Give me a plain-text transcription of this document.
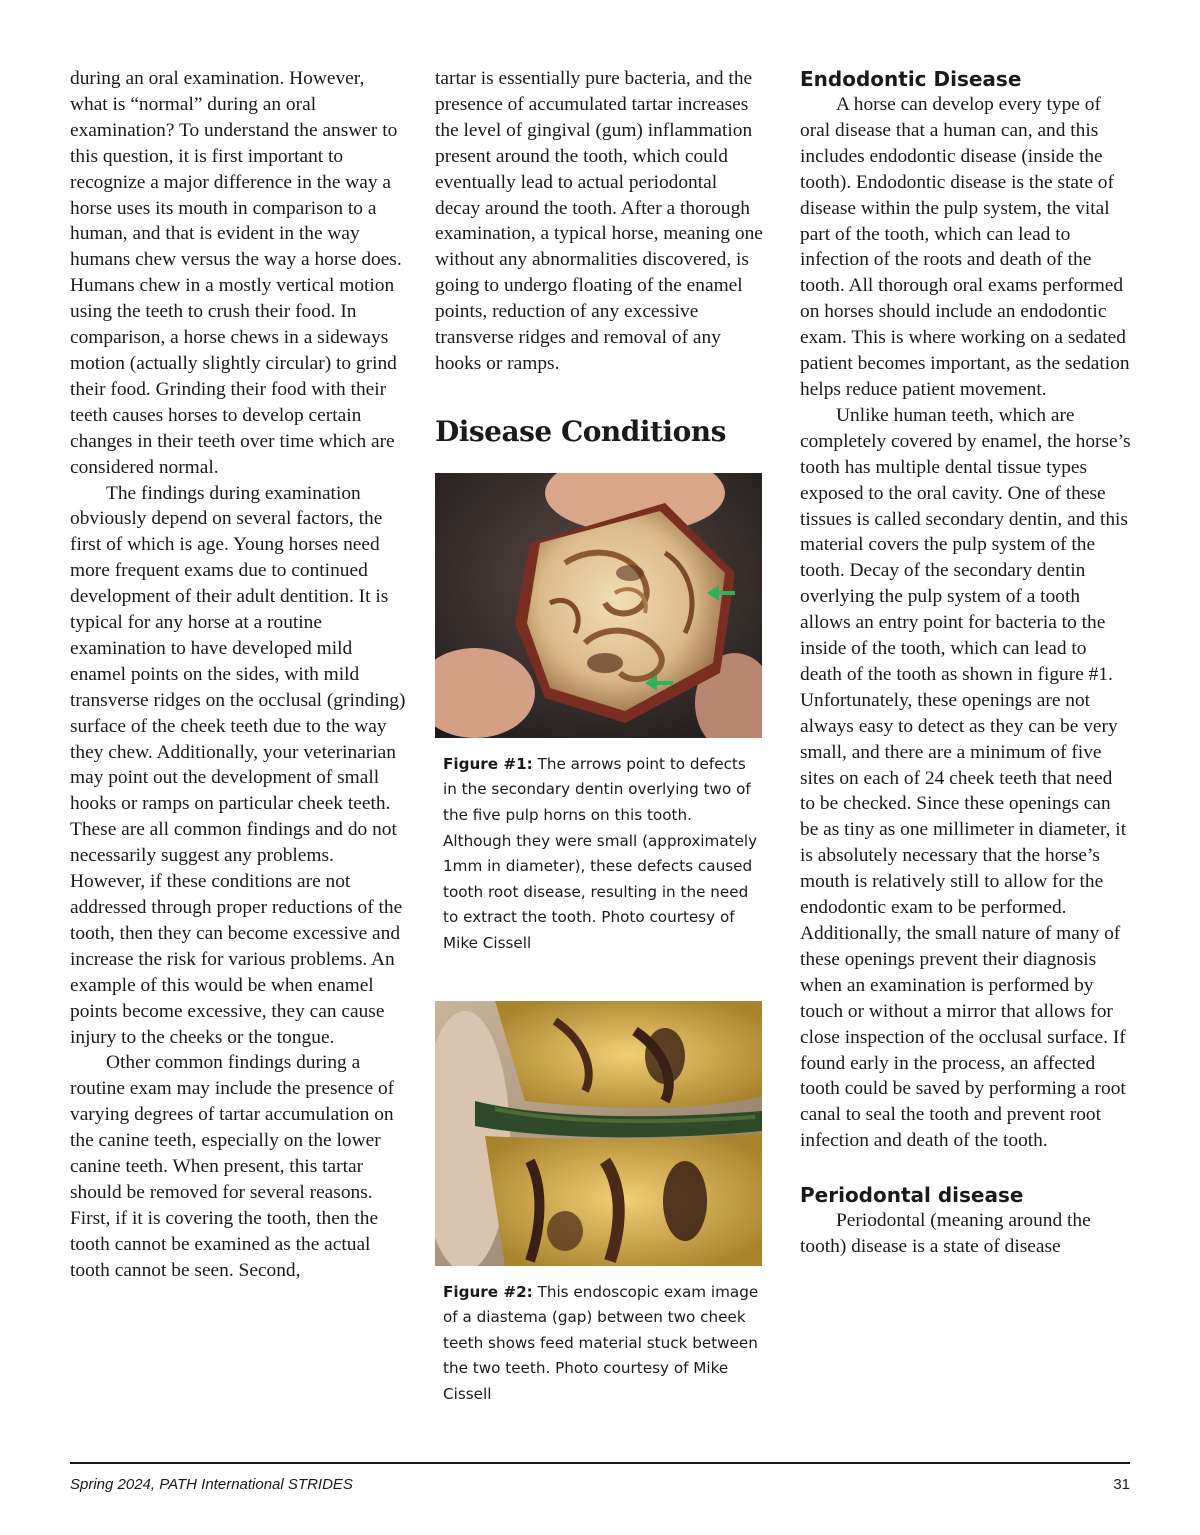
during an oral examination. However, what is “normal” during an oral examination? To understand the answer to this question, it is first important to recognize a major difference in the way a horse uses its mouth in comparison to a human, and that is evident in the way humans chew versus the way a horse does. Humans chew in a mostly vertical motion using the teeth to crush their food. In comparison, a horse chews in a sideways motion (actually slightly circular) to grind their food. Grinding their food with their teeth causes horses to develop certain changes in their teeth over time which are considered normal.

The findings during examination obviously depend on several factors, the first of which is age. Young horses need more frequent exams due to continued development of their adult dentition. It is typical for any horse at a routine examination to have developed mild enamel points on the sides, with mild transverse ridges on the occlusal (grinding) surface of the cheek teeth due to the way they chew. Additionally, your veterinarian may point out the development of small hooks or ramps on particular cheek teeth. These are all common findings and do not necessarily suggest any problems. However, if these conditions are not addressed through proper reductions of the tooth, then they can become excessive and increase the risk for various problems. An example of this would be when enamel points become excessive, they can cause injury to the cheeks or the tongue.

Other common findings during a routine exam may include the presence of varying degrees of tartar accumulation on the canine teeth, especially on the lower canine teeth. When present, this tartar should be removed for several reasons. First, if it is covering the tooth, then the tooth cannot be examined as the actual tooth cannot be seen. Second,

tartar is essentially pure bacteria, and the presence of accumulated tartar increases the level of gingival (gum) inflammation present around the tooth, which could eventually lead to actual periodontal decay around the tooth. After a thorough examination, a typical horse, meaning one without any abnormalities discovered, is going to undergo floating of the enamel points, reduction of any excessive transverse ridges and removal of any hooks or ramps.

Disease Conditions
Figure #1: The arrows point to defects in the secondary dentin overlying two of the five pulp horns on this tooth. Although they were small (approximately 1mm in diameter), these defects caused tooth root disease, resulting in the need to extract the tooth. Photo courtesy of Mike Cissell
Figure #2: This endoscopic exam image of a diastema (gap) between two cheek teeth shows feed material stuck between the two teeth. Photo courtesy of Mike Cissell
Endodontic Disease

A horse can develop every type of oral disease that a human can, and this includes endodontic disease (inside the tooth). Endodontic disease is the state of disease within the pulp system, the vital part of the tooth, which can lead to infection of the roots and death of the tooth. All thorough oral exams performed on horses should include an endodontic exam. This is where working on a sedated patient becomes important, as the sedation helps reduce patient movement.

Unlike human teeth, which are completely covered by enamel, the horse’s tooth has multiple dental tissue types exposed to the oral cavity. One of these tissues is called secondary dentin, and this material covers the pulp system of the tooth. Decay of the secondary dentin overlying the pulp system of a tooth allows an entry point for bacteria to the inside of the tooth, which can lead to death of the tooth as shown in figure #1. Unfortunately, these openings are not always easy to detect as they can be very small, and there are a minimum of five sites on each of 24 cheek teeth that need to be checked. Since these openings can be as tiny as one millimeter in diameter, it is absolutely necessary that the horse’s mouth is relatively still to allow for the endodontic exam to be performed. Additionally, the small nature of many of these openings prevent their diagnosis when an examination is performed by touch or without a mirror that allows for close inspection of the occlusal surface. If found early in the process, an affected tooth could be saved by performing a root canal to seal the tooth and prevent root infection and death of the tooth.

Periodontal disease

Periodontal (meaning around the tooth) disease is a state of disease

Spring 2024, PATH International STRIDES	31
